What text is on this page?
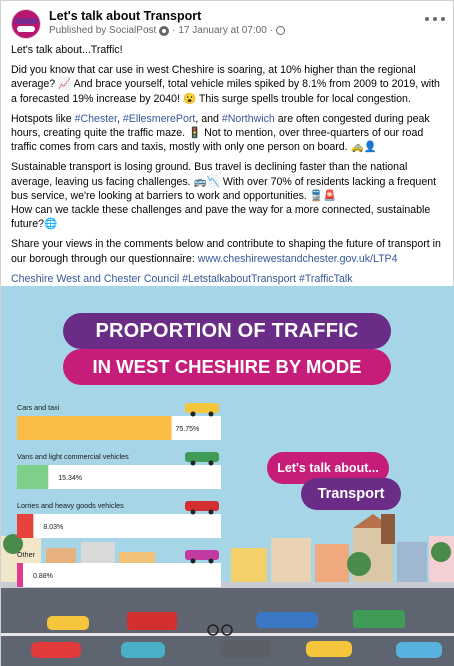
Let's talk about Transport
Published by SocialPost · 17 January at 07:00 ·

Let's talk about...Traffic!

Did you know that car use in west Cheshire is soaring, at 10% higher than the regional average? 📈 And brace yourself, total vehicle miles spiked by 8.1% from 2009 to 2019, with a forecasted 19% increase by 2040! 😮 This surge spells trouble for local congestion.

Hotspots like #Chester, #EllesmerePort, and #Northwich are often congested during peak hours, creating quite the traffic maze. 🚦 Not to mention, over three-quarters of our road traffic comes from cars and taxis, mostly with only one person on board. 🚕👤

Sustainable transport is losing ground. Bus travel is declining faster than the national average, leaving us facing challenges. 🚌📉 With over 70% of residents lacking a frequent bus service, we're looking at barriers to work and opportunities. 🚆🚨
How can we tackle these challenges and pave the way for a more connected, sustainable future?🌐

Share your views in the comments below and contribute to shaping the future of transport in our borough through our questionnaire: www.cheshirewestandchester.gov.uk/LTP4

Cheshire West and Chester Council #LetstalkaboutTransport #TrafficTalk

Cars and taxi
75.75%
Vans and light commercial vehicles
15.34%
Lorries and heavy goods vehicles
8.03%
Other
0.88%
PROPORTION OF TRAFFIC
IN WEST CHESHIRE BY MODE
Let's talk about...
Transport
